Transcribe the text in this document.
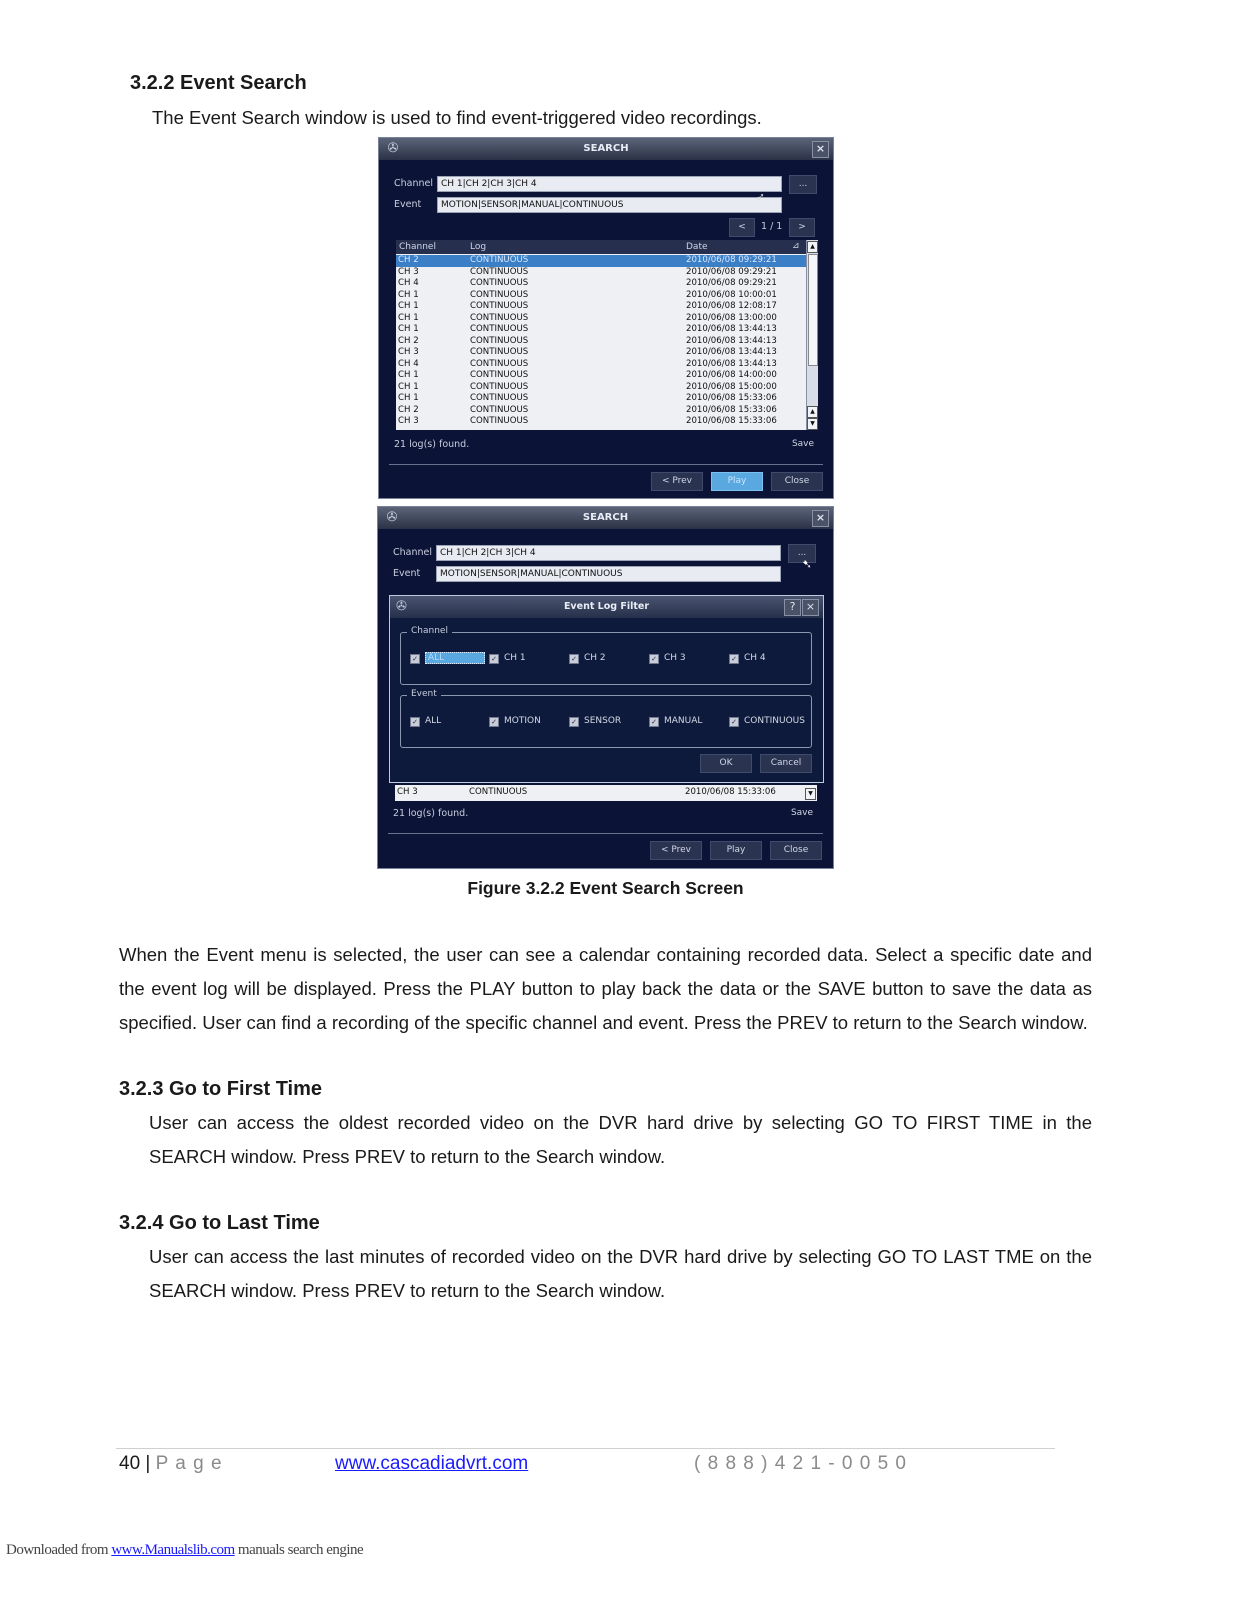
3.2.2 Event Search
The Event Search window is used to find event-triggered video recordings.
✇	SEARCH	×
Channel CH 1|CH 2|CH 3|CH 4	...
Event	MOTION|SENSOR|MANUAL|CONTINUOUS
<	1 / 1	>
Channel	Log	Date	⊿
CH 2	CONTINUOUS	2010/06/08 09:29:21
CH 3	CONTINUOUS	2010/06/08 09:29:21
CH 4	CONTINUOUS	2010/06/08 09:29:21
CH 1	CONTINUOUS	2010/06/08 10:00:01
CH 1	CONTINUOUS	2010/06/08 12:08:17
CH 1	CONTINUOUS	2010/06/08 13:00:00
CH 1	CONTINUOUS	2010/06/08 13:44:13
CH 2	CONTINUOUS	2010/06/08 13:44:13
CH 3	CONTINUOUS	2010/06/08 13:44:13
CH 4	CONTINUOUS	2010/06/08 13:44:13
CH 1	CONTINUOUS	2010/06/08 14:00:00
CH 1	CONTINUOUS	2010/06/08 15:00:00
CH 1	CONTINUOUS	2010/06/08 15:33:06
CH 2	CONTINUOUS	2010/06/08 15:33:06
CH 3	CONTINUOUS	2010/06/08 15:33:06
▲
▲
▼
21 log(s) found.	Save
< Prev	Play	Close
➶
✇	SEARCH	×
Channel CH 1|CH 2|CH 3|CH 4	...
Event	MOTION|SENSOR|MANUAL|CONTINUOUS
➷
✇	Event Log Filter	? ×
Channel
Event
✓ ALL	✓ CH 1	✓ CH 2	✓ CH 3	✓ CH 4
✓ ALL	✓ MOTION	✓ SENSOR	✓ MANUAL	✓ CONTINUOUS
OK	Cancel
CH 3	CONTINUOUS	2010/06/08 15:33:06	▼
21 log(s) found.	Save
< Prev	Play	Close
Figure 3.2.2 Event Search Screen
When the Event menu is selected, the user can see a calendar containing recorded data. Select a specific date and the event log will be displayed. Press the PLAY button to play back the data or the SAVE button to save the data as specified. User can find a recording of the specific channel and event. Press the PREV to return to the Search window.
3.2.3 Go to First Time
User can access the oldest recorded video on the DVR hard drive by selecting GO TO FIRST TIME in the SEARCH window. Press PREV to return to the Search window.
3.2.4 Go to Last Time
User can access the last minutes of recorded video on the DVR hard drive by selecting GO TO LAST TME on the SEARCH window. Press PREV to return to the Search window.
40 | P a g e	www.cascadiadvrt.com	( 8 8 8 ) 4 2 1 - 0 0 5 0
Downloaded from www.Manualslib.com manuals search engine
